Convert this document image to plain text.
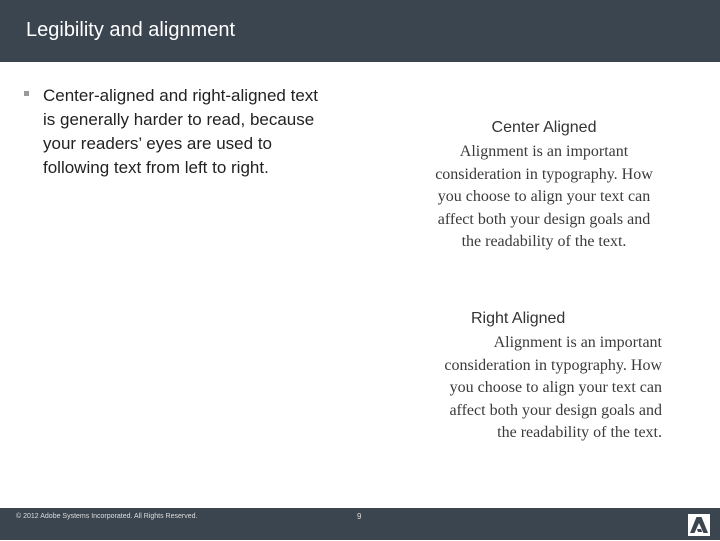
Legibility and alignment
Center-aligned and right-aligned text is generally harder to read, because your readers’ eyes are used to following text from left to right.
Center Aligned
Alignment is an important
consideration in typography. How
you choose to align your text can
affect both your design goals and
the readability of the text.
Right Aligned
Alignment is an important
consideration in typography. How
you choose to align your text can
affect both your design goals and
the readability of the text.
© 2012 Adobe Systems Incorporated. All Rights Reserved.	9
